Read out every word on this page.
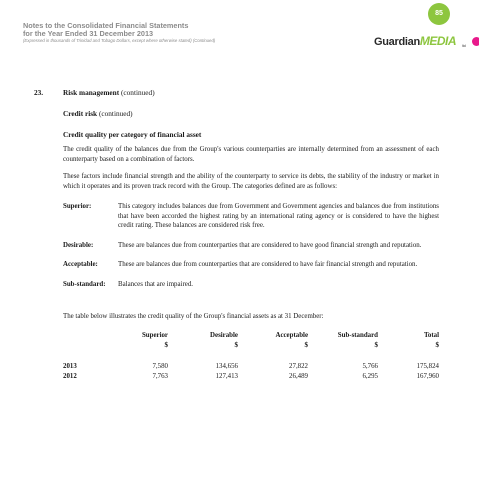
Notes to the Consolidated Financial Statements
for the Year Ended 31 December 2013
(Expressed in thousands of Trinidad and Tobago Dollars, except where otherwise stated) (Continued)
85
GuardianMEDIA ltd
23.	Risk management (continued)
Credit risk (continued)
Credit quality per category of financial asset
The credit quality of the balances due from the Group's various counterparties are internally determined from an assessment of each counterparty based on a combination of factors.
These factors include financial strength and the ability of the counterparty to service its debts, the stability of the industry or market in which it operates and its proven track record with the Group. The categories defined are as follows:
Superior:	This category includes balances due from Government and Government agencies and balances due from institutions that have been accorded the highest rating by an international rating agency or is considered to have the highest credit rating. These balances are considered risk free.
Desirable:	These are balances due from counterparties that are considered to have good financial strength and reputation.
Acceptable:	These are balances due from counterparties that are considered to have fair financial strength and reputation.
Sub-standard:	Balances that are impaired.
The table below illustrates the credit quality of the Group's financial assets as at 31 December:
	Superior	Desirable	Acceptable	Sub-standard	Total
	$	$	$	$	$
2013	7,580	134,656	27,822	5,766	175,824
2012	7,763	127,413	26,489	6,295	167,960
